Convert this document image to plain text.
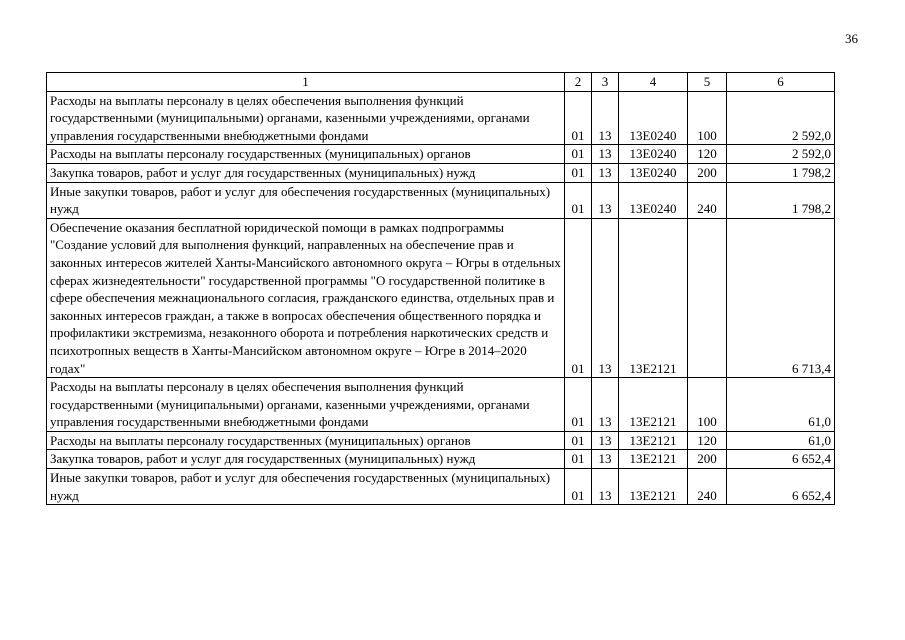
36
1	2	3	4	5	6
Расходы на выплаты персоналу в целях обеспечения выполнения функций государственными (муниципальными) органами, казенными учреждениями, органами управления государственными внебюджетными фондами	01	13	13Е0240	100	2 592,0
Расходы на выплаты персоналу государственных (муниципальных) органов	01	13	13Е0240	120	2 592,0
Закупка товаров, работ и услуг для государственных (муниципальных) нужд	01	13	13Е0240	200	1 798,2
Иные закупки товаров, работ и услуг для обеспечения государственных (муниципальных) нужд	01	13	13Е0240	240	1 798,2
Обеспечение оказания бесплатной юридической помощи в рамках подпрограммы "Создание условий для выполнения функций, направленных на обеспечение прав и законных интересов жителей Ханты-Мансийского автономного округа – Югры в отдельных сферах жизнедеятельности" государственной программы "О государственной политике в сфере обеспечения межнационального согласия, гражданского единства, отдельных прав и законных интересов граждан, а также в вопросах обеспечения общественного порядка и профилактики экстремизма, незаконного оборота и потребления наркотических средств и психотропных веществ в Ханты-Мансийском автономном округе – Югре в 2014–2020 годах"	01	13	13Е2121		6 713,4
Расходы на выплаты персоналу в целях обеспечения выполнения функций государственными (муниципальными) органами, казенными учреждениями, органами управления государственными внебюджетными фондами	01	13	13Е2121	100	61,0
Расходы на выплаты персоналу государственных (муниципальных) органов	01	13	13Е2121	120	61,0
Закупка товаров, работ и услуг для государственных (муниципальных) нужд	01	13	13Е2121	200	6 652,4
Иные закупки товаров, работ и услуг для обеспечения государственных (муниципальных) нужд	01	13	13Е2121	240	6 652,4
